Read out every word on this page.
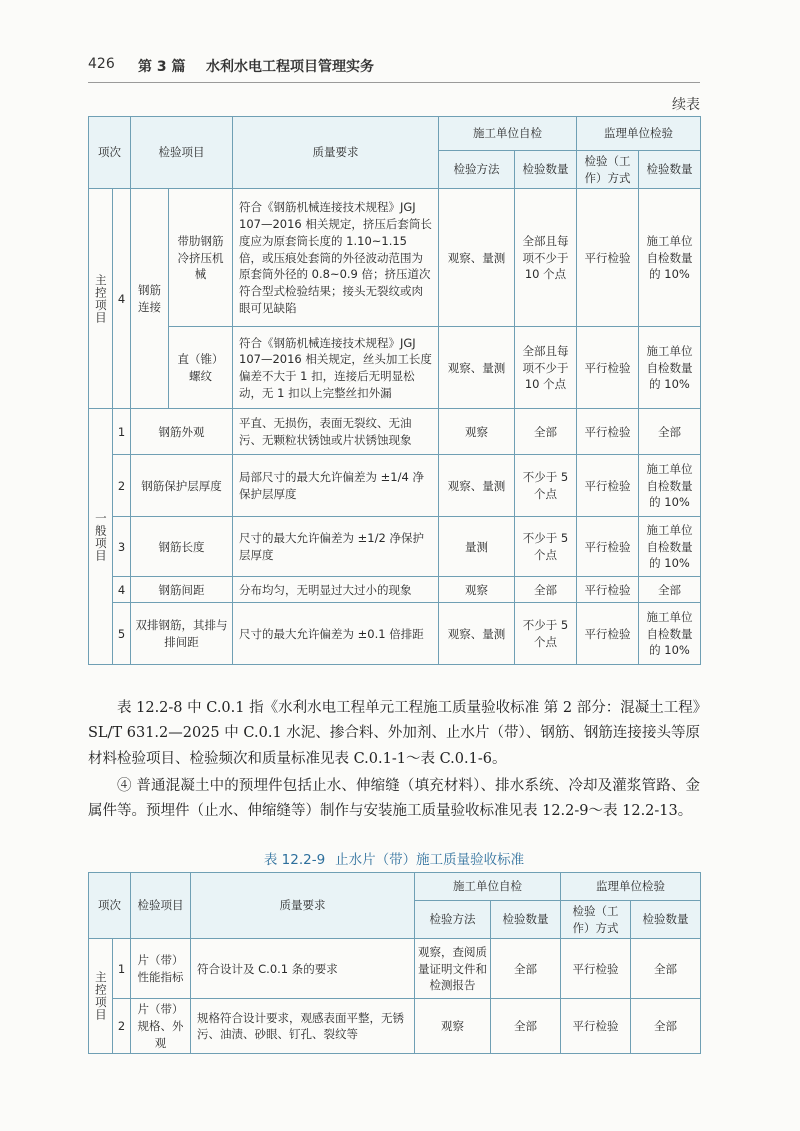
426 第 3 篇 水利水电工程项目管理实务
续表
项次		检验项目		质量要求	施工单位自检		监理单位检验	
					检验方法	检验数量	检验（工作）方式	检验数量

主控项目	4	钢筋连接	带肋钢筋冷挤压机械	符合《钢筋机械连接技术规程》JGJ 107—2016 相关规定，挤压后套筒长度应为原套筒长度的 1.10~1.15 倍，或压痕处套筒的外径波动范围为原套筒外径的 0.8~0.9 倍；挤压道次符合型式检验结果；接头无裂纹或肉眼可见缺陷	观察、量测	全部且每项不少于 10 个点	平行检验	施工单位自检数量的 10%
			直（锥）螺纹	符合《钢筋机械连接技术规程》JGJ 107—2016 相关规定，丝头加工长度偏差不大于 1 扣，连接后无明显松动，无 1 扣以上完整丝扣外漏	观察、量测	全部且每项不少于 10 个点	平行检验	施工单位自检数量的 10%

一般项目	1	钢筋外观		平直、无损伤，表面无裂纹、无油污、无颗粒状锈蚀或片状锈蚀现象	观察	全部	平行检验	全部
	2	钢筋保护层厚度		局部尺寸的最大允许偏差为 ±1/4 净保护层厚度	观察、量测	不少于 5 个点	平行检验	施工单位自检数量的 10%
	3	钢筋长度		尺寸的最大允许偏差为 ±1/2 净保护层厚度	量测	不少于 5 个点	平行检验	施工单位自检数量的 10%
	4	钢筋间距		分布均匀，无明显过大过小的现象	观察	全部	平行检验	全部
	5	双排钢筋，其排与排间距		尺寸的最大允许偏差为 ±0.1 倍排距	观察、量测	不少于 5 个点	平行检验	施工单位自检数量的 10%

表 12.2-8 中 C.0.1 指《水利水电工程单元工程施工质量验收标准 第 2 部分：混凝土工程》SL/T 631.2—2025 中 C.0.1 水泥、掺合料、外加剂、止水片（带）、钢筋、钢筋连接接头等原材料检验项目、检验频次和质量标准见表 C.0.1-1～表 C.0.1-6。

④ 普通混凝土中的预埋件包括止水、伸缩缝（填充材料）、排水系统、冷却及灌浆管路、金属件等。预埋件（止水、伸缩缝等）制作与安装施工质量验收标准见表 12.2-9～表 12.2-13。

表 12.2-9 止水片（带）施工质量验收标准
项次		检验项目	质量要求	施工单位自检		监理单位检验	
				检验方法	检验数量	检验（工作）方式	检验数量

主控项目	1	片（带）性能指标	符合设计及 C.0.1 条的要求	观察，查阅质量证明文件和检测报告	全部	平行检验	全部
	2	片（带）规格、外观	规格符合设计要求，观感表面平整，无锈污、油渍、砂眼、钉孔、裂纹等	观察	全部	平行检验	全部
